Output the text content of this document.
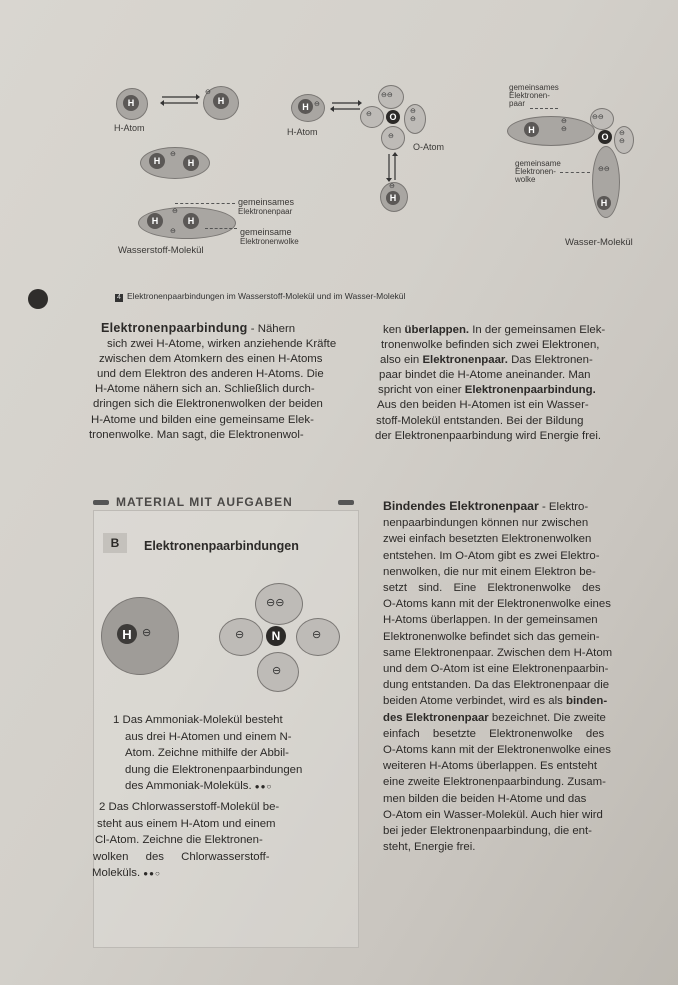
H ⇌	H
⊖
H-Atom
H	H
⊖
gemeinsames
Elektronenpaar
H	H
⊖
⊖	gemeinsame
Elektronenwolke
Wasserstoff-Molekül
H ⊖ ⇌
H-Atom
⊖⊖
⊖	O
⊖
⊖
⊖
O-Atom
H
⊖
gemeinsames
Elektronen-
paar
H
⊖
⊖
⊖⊖
O	⊖
⊖
⊖⊖
H
gemeinsame
Elektronen-
wolke
Wasser-Molekül
4 Elektronenpaarbindungen im Wasserstoff-Molekül und im Wasser-Molekül
Elektronenpaarbindung - Nähern
sich zwei H-Atome, wirken anziehende Kräfte
zwischen dem Atomkern des einen H-Atoms
und dem Elektron des anderen H-Atoms. Die
H-Atome nähern sich an. Schließlich durch-
dringen sich die Elektronenwolken der beiden
H-Atome und bilden eine gemeinsame Elek-
tronenwolke. Man sagt, die Elektronenwol-
ken überlappen. In der gemeinsamen Elek-
tronenwolke befinden sich zwei Elektronen,
also ein Elektronenpaar. Das Elektronen-
paar bindet die H-Atome aneinander. Man
spricht von einer Elektronenpaarbindung.
Aus den beiden H-Atomen ist ein Wasser-
stoff-Molekül entstanden. Bei der Bildung
der Elektronenpaarbindung wird Energie frei.
MATERIAL MIT AUFGABEN
B	Elektronenpaarbindungen
H ⊖
⊖⊖
⊖	N	⊖
⊖
1 Das Ammoniak-Molekül besteht
aus drei H-Atomen und einem N-
Atom. Zeichne mithilfe der Abbil-
dung die Elektronenpaarbindungen
des Ammoniak-Moleküls. ●●○
2 Das Chlorwasserstoff-Molekül be-
steht aus einem H-Atom und einem
Cl-Atom. Zeichne die Elektronen-
wolken des Chlorwasserstoff-
Moleküls. ●●○
Bindendes Elektronenpaar - Elektro-
nenpaarbindungen können nur zwischen
zwei einfach besetzten Elektronenwolken
entstehen. Im O-Atom gibt es zwei Elektro-
nenwolken, die nur mit einem Elektron be-
setzt sind. Eine Elektronenwolke des
O-Atoms kann mit der Elektronenwolke eines
H-Atoms überlappen. In der gemeinsamen
Elektronenwolke befindet sich das gemein-
same Elektronenpaar. Zwischen dem H-Atom
und dem O-Atom ist eine Elektronenpaarbin-
dung entstanden. Da das Elektronenpaar die
beiden Atome verbindet, wird es als binden-
des Elektronenpaar bezeichnet. Die zweite
einfach besetzte Elektronenwolke des
O-Atoms kann mit der Elektronenwolke eines
weiteren H-Atoms überlappen. Es entsteht
eine zweite Elektronenpaarbindung. Zusam-
men bilden die beiden H-Atome und das
O-Atom ein Wasser-Molekül. Auch hier wird
bei jeder Elektronenpaarbindung, die ent-
steht, Energie frei.
